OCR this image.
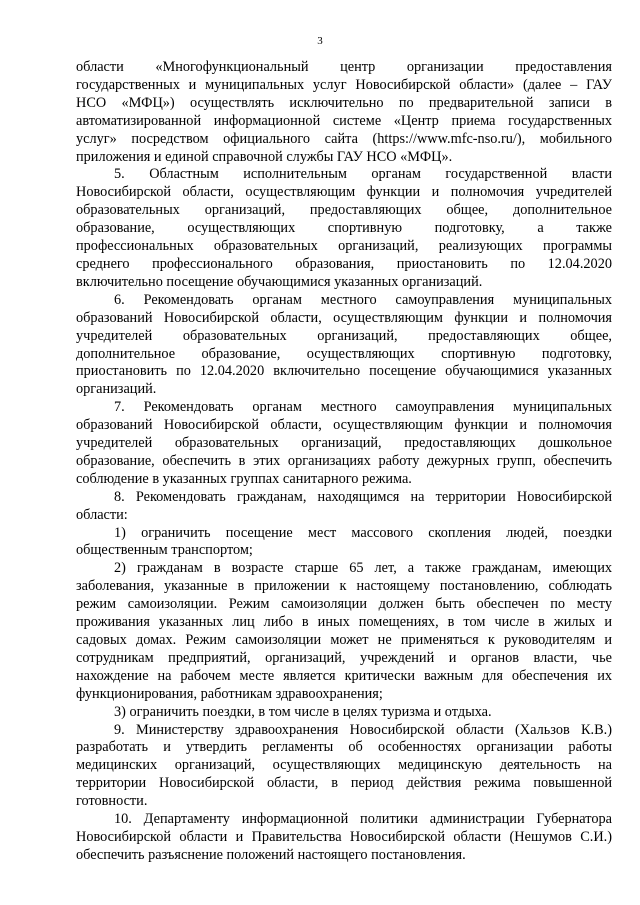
3
области «Многофункциональный центр организации предоставления
государственных и муниципальных услуг Новосибирской области» (далее – ГАУ
НСО «МФЦ») осуществлять исключительно по предварительной записи в
автоматизированной информационной системе «Центр приема государственных
услуг» посредством официального сайта (https://www.mfc-nso.ru/), мобильного
приложения и единой справочной службы ГАУ НСО «МФЦ».
5. Областным исполнительным органам государственной власти
Новосибирской области, осуществляющим функции и полномочия учредителей
образовательных организаций, предоставляющих общее, дополнительное
образование, осуществляющих спортивную подготовку, а также
профессиональных образовательных организаций, реализующих программы
среднего профессионального образования, приостановить по 12.04.2020
включительно посещение обучающимися указанных организаций.
6. Рекомендовать органам местного самоуправления муниципальных
образований Новосибирской области, осуществляющим функции и полномочия
учредителей образовательных организаций, предоставляющих общее,
дополнительное образование, осуществляющих спортивную подготовку,
приостановить по 12.04.2020 включительно посещение обучающимися указанных
организаций.
7. Рекомендовать органам местного самоуправления муниципальных
образований Новосибирской области, осуществляющим функции и полномочия
учредителей образовательных организаций, предоставляющих дошкольное
образование, обеспечить в этих организациях работу дежурных групп, обеспечить
соблюдение в указанных группах санитарного режима.
8. Рекомендовать гражданам, находящимся на территории Новосибирской
области:
1) ограничить посещение мест массового скопления людей, поездки
общественным транспортом;
2) гражданам в возрасте старше 65 лет, а также гражданам, имеющих
заболевания, указанные в приложении к настоящему постановлению, соблюдать
режим самоизоляции. Режим самоизоляции должен быть обеспечен по месту
проживания указанных лиц либо в иных помещениях, в том числе в жилых и
садовых домах. Режим самоизоляции может не применяться к руководителям и
сотрудникам предприятий, организаций, учреждений и органов власти, чье
нахождение на рабочем месте является критически важным для обеспечения их
функционирования, работникам здравоохранения;
3) ограничить поездки, в том числе в целях туризма и отдыха.
9. Министерству здравоохранения Новосибирской области (Хальзов К.В.)
разработать и утвердить регламенты об особенностях организации работы
медицинских организаций, осуществляющих медицинскую деятельность на
территории Новосибирской области, в период действия режима повышенной
готовности.
10. Департаменту информационной политики администрации Губернатора
Новосибирской области и Правительства Новосибирской области (Нешумов С.И.)
обеспечить разъяснение положений настоящего постановления.
